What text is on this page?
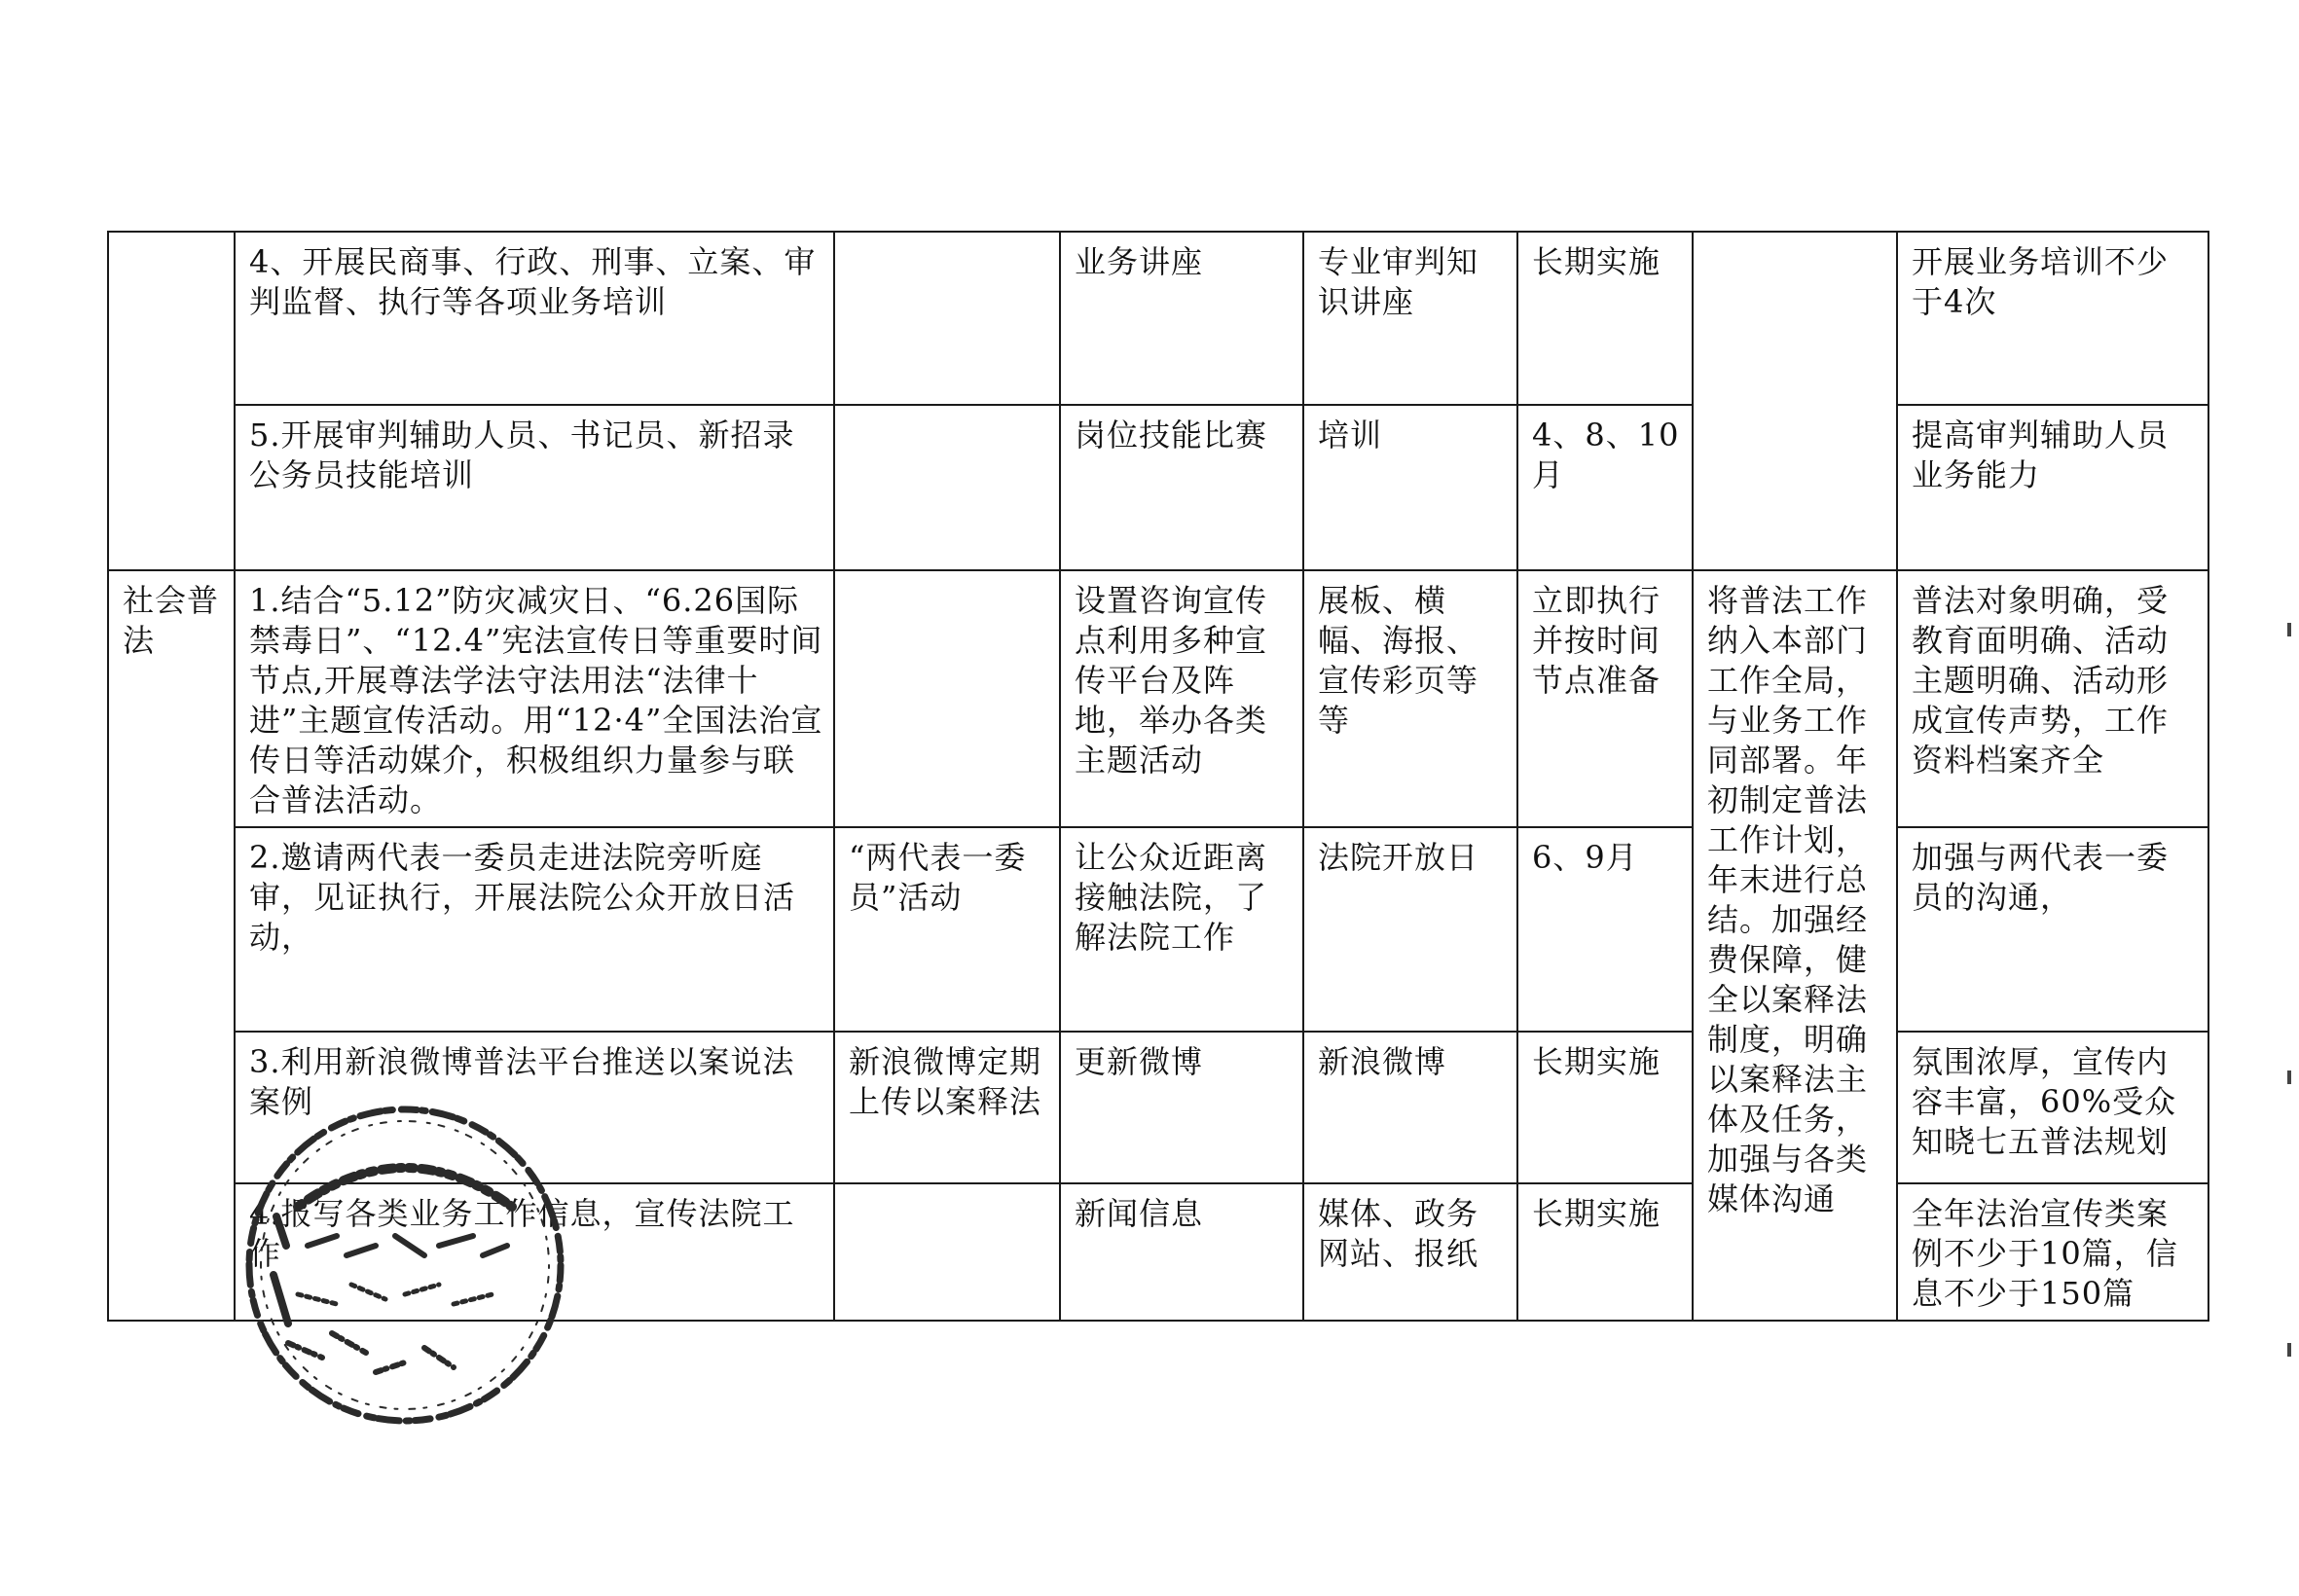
	4、开展民商事、行政、刑事、立案、审判监督、执行等各项业务培训		业务讲座	专业审判知识讲座	长期实施		开展业务培训不少于4次
	5.开展审判辅助人员、书记员、新招录公务员技能培训		岗位技能比赛	培训	4、8、10月		提高审判辅助人员业务能力
社会普法	1.结合“5.12”防灾减灾日、“6.26国际禁毒日”、“12.4”宪法宣传日等重要时间节点,开展尊法学法守法用法“法律十进”主题宣传活动。用“12·4”全国法治宣传日等活动媒介，积极组织力量参与联合普法活动。		设置咨询宣传点利用多种宣传平台及阵地，举办各类主题活动	展板、横幅、海报、宣传彩页等等	立即执行并按时间节点准备	将普法工作纳入本部门工作全局，与业务工作同部署。年初制定普法工作计划，年末进行总结。加强经费保障，健全以案释法制度，明确以案释法主体及任务，加强与各类媒体沟通	普法对象明确，受教育面明确、活动主题明确、活动形成宣传声势，工作资料档案齐全
	2.邀请两代表一委员走进法院旁听庭审，见证执行，开展法院公众开放日活动，	“两代表一委员”活动	让公众近距离接触法院，了解法院工作	法院开放日	6、9月		加强与两代表一委员的沟通，
	3.利用新浪微博普法平台推送以案说法案例	新浪微博定期上传以案释法	更新微博	新浪微博	长期实施		氛围浓厚，宣传内容丰富，60%受众知晓七五普法规划
	4.报写各类业务工作信息，宣传法院工作		新闻信息	媒体、政务网站、报纸	长期实施		全年法治宣传类案例不少于10篇，信息不少于150篇
